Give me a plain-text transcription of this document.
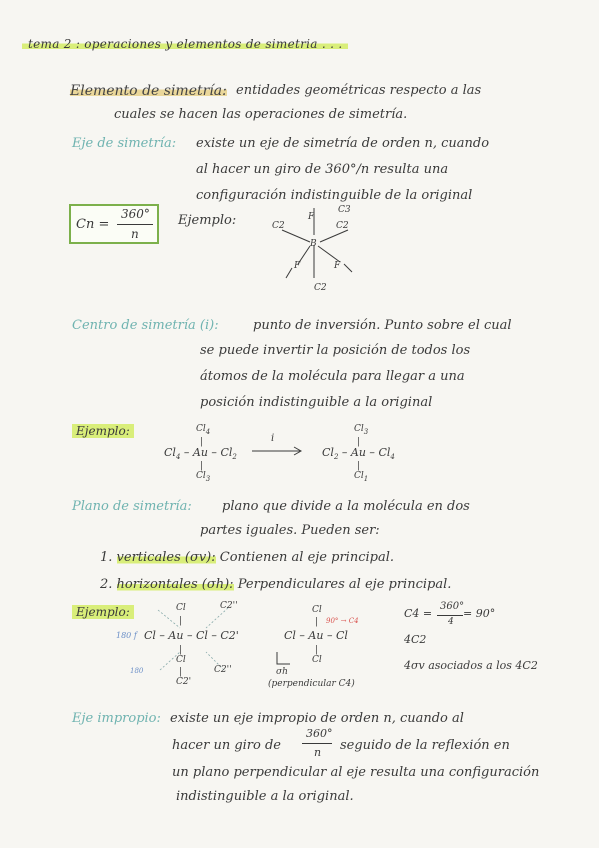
tema 2 : operaciones y elementos de simetria . . .
Elemento de simetría: entidades geométricas respecto a las
cuales se hacen las operaciones de simetría.
Eje de simetría: existe un eje de simetría de orden n, cuando
al hacer un giro de 360°/n resulta una
configuración indistinguible de la original
Cn =
360°
n
Ejemplo:
C3
C2	C2
C2
F
B
F	F
Centro de simetría (i):	punto de inversión. Punto sobre el cual
se puede invertir la posición de todos los
átomos de la molécula para llegar a una
posición indistinguible a la original
Ejemplo:	$Cl_4$
|
$Cl_4$ – Au – $Cl_2$
|
$Cl_3$
i
$Cl_3$
|
$Cl_2$ – Au – $Cl_4$
|
$Cl_1$
Plano de simetría: plano que divide a la molécula en dos
partes iguales. Pueden ser:
1. verticales (σv): Contienen al eje principal.
2. horizontales (σh): Perpendiculares al eje principal.
Ejemplo:	Cl	C2''
|
180 f Cl – Au – Cl – C2'
|
Cl
|
C2'
C2''
180
Cl
90° → C4
|
Cl – Au – Cl
|
Cl
σh
(perpendicular C4)
C4 =
360°
4
= 90°
4C2
4σv asociados a los 4C2
Eje impropio: existe un eje impropio de orden n, cuando al
hacer un giro de
360°
n seguido de la reflexión en
un plano perpendicular al eje resulta una configuración
indistinguible a la original.
